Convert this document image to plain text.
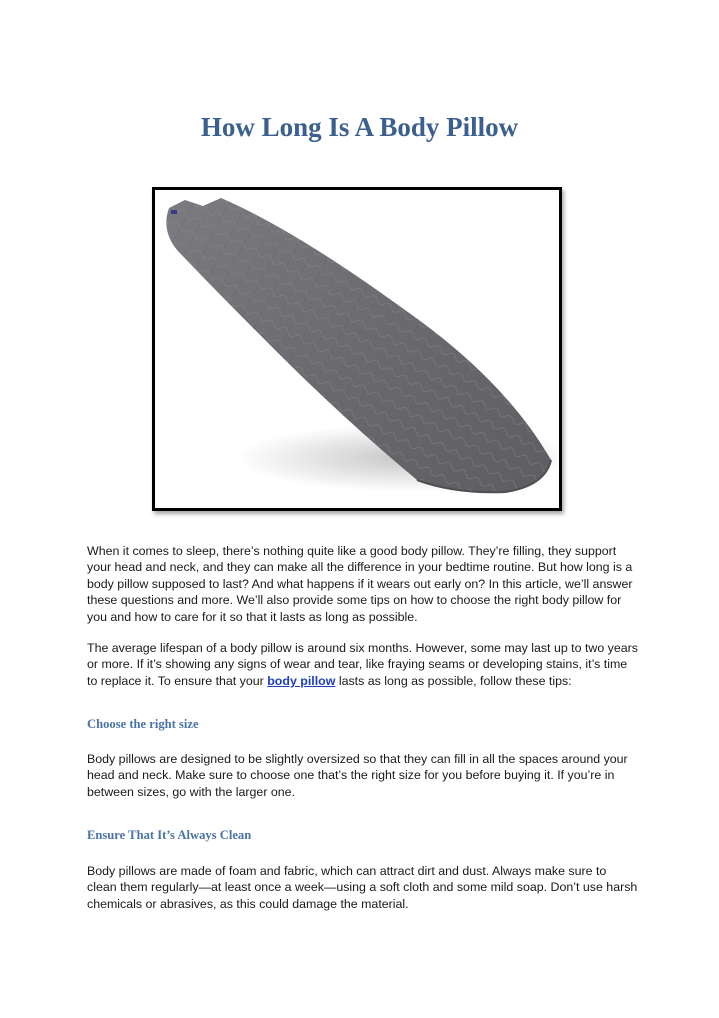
How Long Is A Body Pillow

When it comes to sleep, there’s nothing quite like a good body pillow. They’re filling, they support your head and neck, and they can make all the difference in your bedtime routine. But how long is a body pillow supposed to last? And what happens if it wears out early on? In this article, we’ll answer these questions and more. We’ll also provide some tips on how to choose the right body pillow for you and how to care for it so that it lasts as long as possible.

The average lifespan of a body pillow is around six months. However, some may last up to two years or more. If it’s showing any signs of wear and tear, like fraying seams or developing stains, it’s time to replace it. To ensure that your body pillow lasts as long as possible, follow these tips:

Choose the right size

Body pillows are designed to be slightly oversized so that they can fill in all the spaces around your head and neck. Make sure to choose one that’s the right size for you before buying it. If you’re in between sizes, go with the larger one.

Ensure That It’s Always Clean

Body pillows are made of foam and fabric, which can attract dirt and dust. Always make sure to clean them regularly—at least once a week—using a soft cloth and some mild soap. Don’t use harsh chemicals or abrasives, as this could damage the material.
